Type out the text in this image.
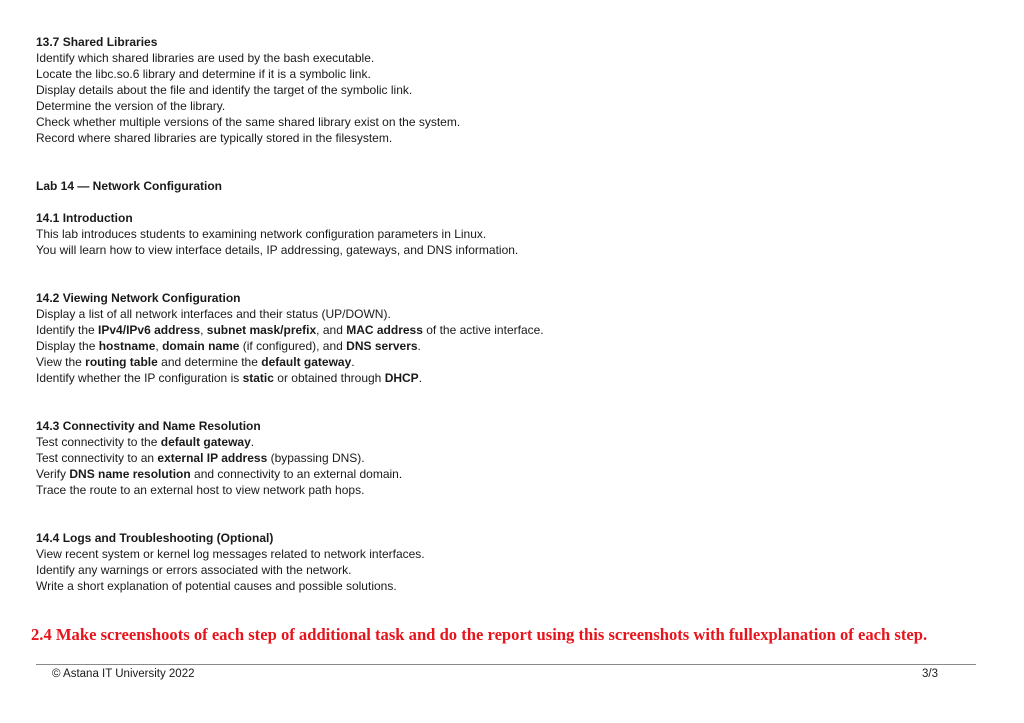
13.7 Shared Libraries
Identify which shared libraries are used by the bash executable.
Locate the libc.so.6 library and determine if it is a symbolic link.
Display details about the file and identify the target of the symbolic link.
Determine the version of the library.
Check whether multiple versions of the same shared library exist on the system.
Record where shared libraries are typically stored in the filesystem.
Lab 14 — Network Configuration
14.1 Introduction
This lab introduces students to examining network configuration parameters in Linux.
You will learn how to view interface details, IP addressing, gateways, and DNS information.
14.2 Viewing Network Configuration
Display a list of all network interfaces and their status (UP/DOWN).
Identify the IPv4/IPv6 address, subnet mask/prefix, and MAC address of the active interface.
Display the hostname, domain name (if configured), and DNS servers.
View the routing table and determine the default gateway.
Identify whether the IP configuration is static or obtained through DHCP.
14.3 Connectivity and Name Resolution
Test connectivity to the default gateway.
Test connectivity to an external IP address (bypassing DNS).
Verify DNS name resolution and connectivity to an external domain.
Trace the route to an external host to view network path hops.
14.4 Logs and Troubleshooting (Optional)
View recent system or kernel log messages related to network interfaces.
Identify any warnings or errors associated with the network.
Write a short explanation of potential causes and possible solutions.
2.4 Make screenshoots of each step of additional task and do the report using this screenshots with fullexplanation of each step.
© Astana IT University 2022	3/3
